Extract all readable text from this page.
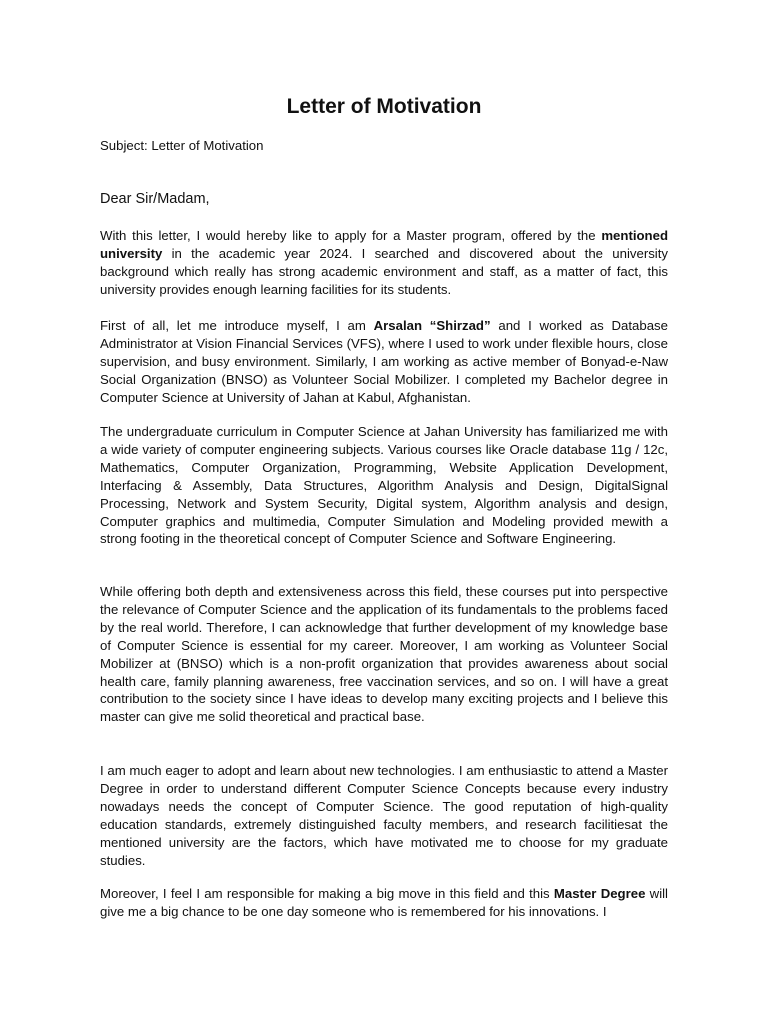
Letter of Motivation

Subject: Letter of Motivation

Dear Sir/Madam,

With this letter, I would hereby like to apply for a Master program, offered by the mentioned university in the academic year 2024. I searched and discovered about the university background which really has strong academic environment and staff, as a matter of fact, this university provides enough learning facilities for its students.

First of all, let me introduce myself, I am Arsalan “Shirzad” and I worked as Database Administrator at Vision Financial Services (VFS), where I used to work under flexible hours, close supervision, and busy environment. Similarly, I am working as active member of Bonyad-e-Naw Social Organization (BNSO) as Volunteer Social Mobilizer. I completed my Bachelor degree in Computer Science at University of Jahan at Kabul, Afghanistan.

The undergraduate curriculum in Computer Science at Jahan University has familiarized me with a wide variety of computer engineering subjects. Various courses like Oracle database 11g / 12c, Mathematics, Computer Organization, Programming, Website Application Development, Interfacing & Assembly, Data Structures, Algorithm Analysis and Design, DigitalSignal Processing, Network and System Security, Digital system, Algorithm analysis and design, Computer graphics and multimedia, Computer Simulation and Modeling provided mewith a strong footing in the theoretical concept of Computer Science and Software Engineering.

While offering both depth and extensiveness across this field, these courses put into perspective the relevance of Computer Science and the application of its fundamentals to the problems faced by the real world. Therefore, I can acknowledge that further development of my knowledge base of Computer Science is essential for my career. Moreover, I am working as Volunteer Social Mobilizer at (BNSO) which is a non-profit organization that provides awareness about social health care, family planning awareness, free vaccination services, and so on. I will have a great contribution to the society since I have ideas to develop many exciting projects and I believe this master can give me solid theoretical and practical base.

I am much eager to adopt and learn about new technologies. I am enthusiastic to attend a Master Degree in order to understand different Computer Science Concepts because every industry nowadays needs the concept of Computer Science. The good reputation of high-quality education standards, extremely distinguished faculty members, and research facilitiesat the mentioned university are the factors, which have motivated me to choose for my graduate studies.

Moreover, I feel I am responsible for making a big move in this field and this Master Degree will give me a big chance to be one day someone who is remembered for his innovations. I
